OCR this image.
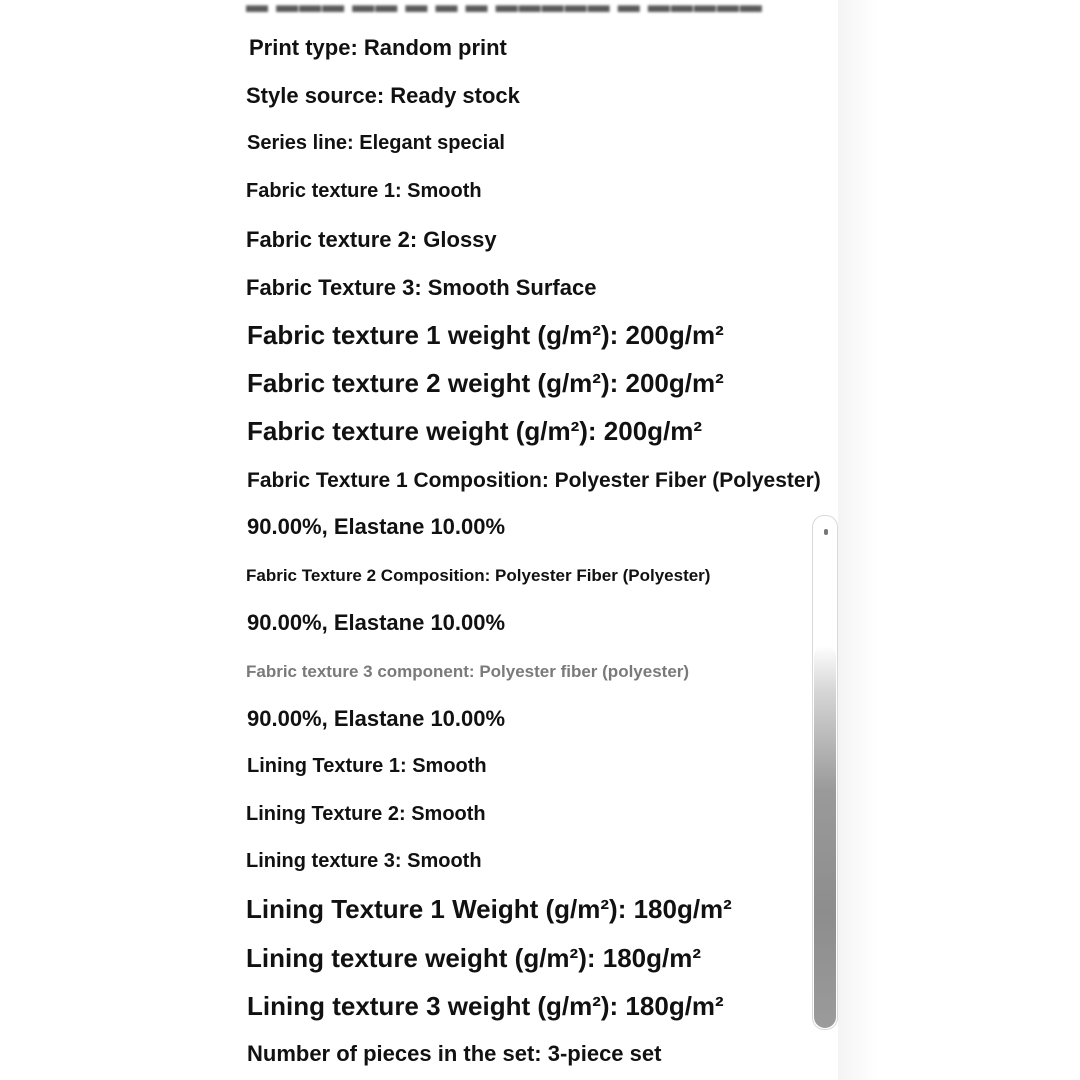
▬ ▬▬▬ ▬▬ ▬ ▬ ▬ ▬▬▬▬▬ ▬ ▬▬▬▬▬
Print type: Random print
Style source: Ready stock
Series line: Elegant special
Fabric texture 1: Smooth
Fabric texture 2: Glossy
Fabric Texture 3: Smooth Surface
Fabric texture 1 weight (g/m²): 200g/m²
Fabric texture 2 weight (g/m²): 200g/m²
Fabric texture weight (g/m²): 200g/m²
Fabric Texture 1 Composition: Polyester Fiber (Polyester)
90.00%, Elastane 10.00%
Fabric Texture 2 Composition: Polyester Fiber (Polyester)
90.00%, Elastane 10.00%
Fabric texture 3 component: Polyester fiber (polyester)
90.00%, Elastane 10.00%
Lining Texture 1: Smooth
Lining Texture 2: Smooth
Lining texture 3: Smooth
Lining Texture 1 Weight (g/m²): 180g/m²
Lining texture weight (g/m²): 180g/m²
Lining texture 3 weight (g/m²): 180g/m²
Number of pieces in the set: 3-piece set
